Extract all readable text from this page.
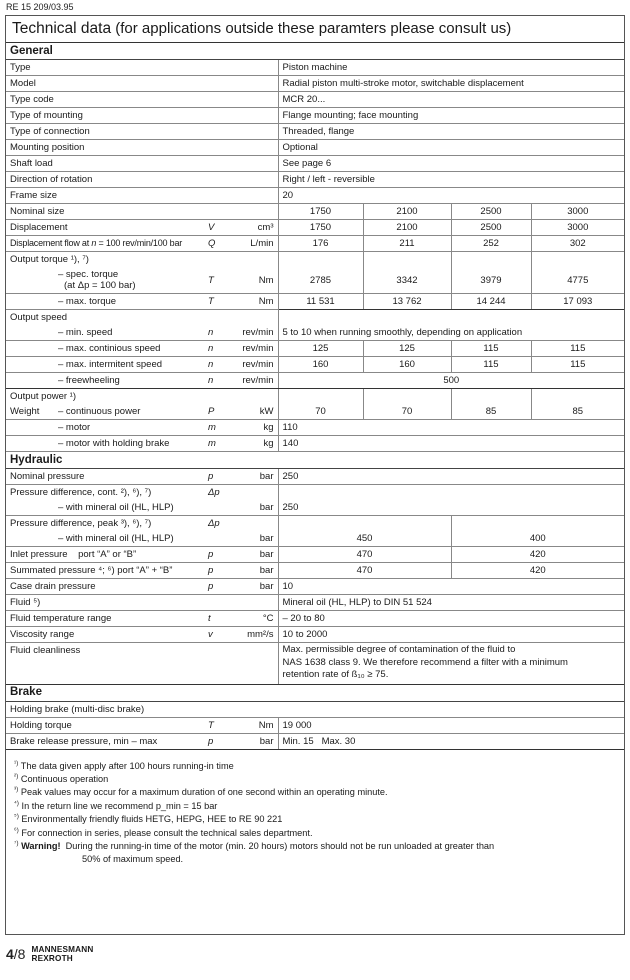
RE 15 209/03.95
Technical data (for applications outside these paramters please consult us)
General						
Type			Piston machine			
Model			Radial piston multi-stroke motor, switchable displacement			
Type code			MCR 20...			
Type of mounting			Flange mounting; face mounting			
Type of connection			Threaded, flange			
Mounting position			Optional			
Shaft load			See page 6			
Direction of rotation			Right / left - reversible			
Frame size			20			
Nominal size			1750	2100	2500	3000
Displacement	V	cm³	1750	2100	2500	3000
Displacement flow at n = 100 rev/min/100 bar	Q	L/min	176	211	252	302
Output torque ¹), ⁷)						

– spec. torque
(at Δp = 100 bar)	T	Nm	2785	3342	3979	4775
– max. torque	T	Nm	11 531	13 762	14 244	17 093
Output speed						
– min. speed	n	rev/min	5 to 10 when running smoothly, depending on application			
– max. continious speed	n	rev/min	125	125	115	115
– max. intermitent speed	n	rev/min	160	160	115	115
– freewheeling	n	rev/min	500			
Output power ¹)						
Weight – continuous power	P	kW	70	70	85	85
– motor	m	kg	110			
– motor with holding brake	m	kg	140			
Hydraulic						
Nominal pressure	p	bar	250			
Pressure difference, cont. ²), ⁶), ⁷)	Δp					
– with mineral oil (HL, HLP)		bar	250			
Pressure difference, peak ³), ⁶), ⁷)	Δp					
– with mineral oil (HL, HLP)		bar	450		400	
Inlet pressure    port “A” or “B”	p	bar	470		420	
Summated pressure ⁴; ⁶) port “A” + “B”	p	bar	470		420	
Case drain pressure	p	bar	10			
Fluid ⁵)			Mineral oil (HL, HLP) to DIN 51 524			
Fluid temperature range	t	°C	– 20 to 80			
Viscosity range	v	mm²/s	10 to 2000			
Fluid cleanliness			Max. permissible degree of contamination of the fluid to
NAS 1638 class 9. We therefore recommend a filter with a minimum
retention rate of ß₁₀ ≥ 75.			

Brake						
Holding brake (multi-disc brake)						
Holding torque	T	Nm	19 000			
Brake release pressure, min – max	p	bar	Min. 15   Max. 30			
$^{^1)}$ The data given apply after 100 hours running-in time
$^{^2)}$ Continuous operation
$^{^3)}$ Peak values may occur for a maximum duration of one second within an operating minute.
$^{^4)}$ In the return line we recommend p_min = 15 bar
$^{^5)}$ Environmentally friendly fluids HETG, HEPG, HEE to RE 90 221
$^{^6)}$ For connection in series, please consult the technical sales department.
$^{^7)}$ Warning!  During the running-in time of the motor (min. 20 hours) motors should not be run unloaded at greater than
50% of maximum speed.
4/8 MANNESMANN
REXROTH
